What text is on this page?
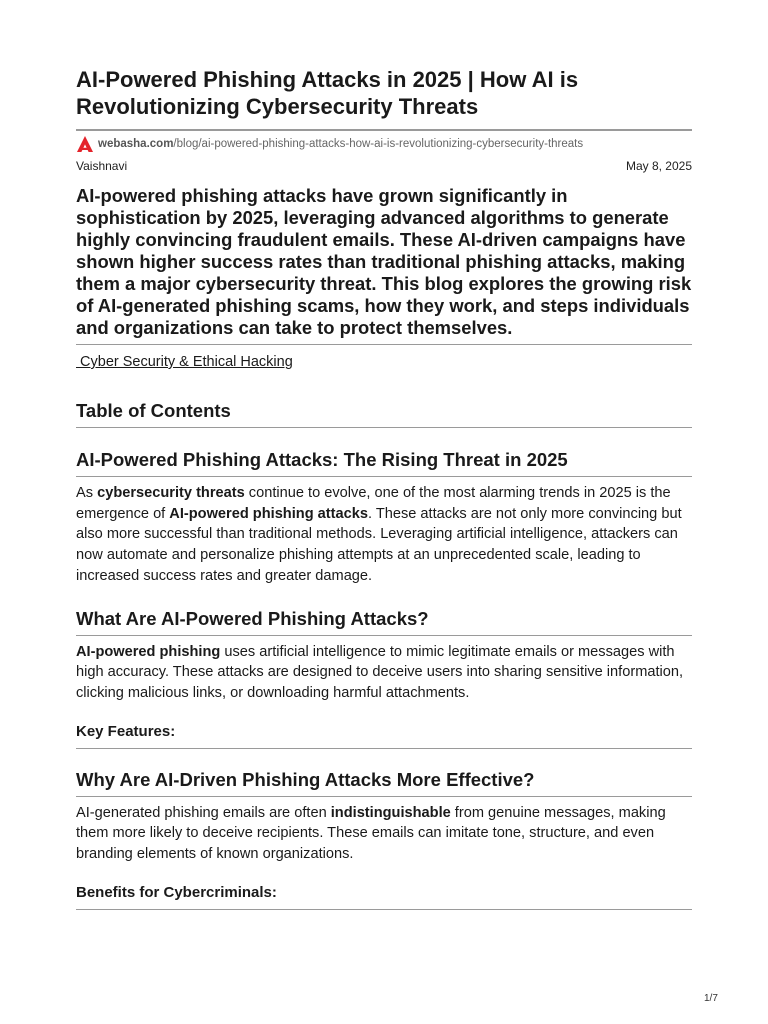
AI-Powered Phishing Attacks in 2025 | How AI is Revolutionizing Cybersecurity Threats
webasha.com/blog/ai-powered-phishing-attacks-how-ai-is-revolutionizing-cybersecurity-threats
Vaishnavi	May 8, 2025

AI-powered phishing attacks have grown significantly in sophistication by 2025, leveraging advanced algorithms to generate highly convincing fraudulent emails. These AI-driven campaigns have shown higher success rates than traditional phishing attacks, making them a major cybersecurity threat. This blog explores the growing risk of AI-generated phishing scams, how they work, and steps individuals and organizations can take to protect themselves.

Cyber Security & Ethical Hacking
Table of Contents
AI-Powered Phishing Attacks: The Rising Threat in 2025

As cybersecurity threats continue to evolve, one of the most alarming trends in 2025 is the emergence of AI-powered phishing attacks. These attacks are not only more convincing but also more successful than traditional methods. Leveraging artificial intelligence, attackers can now automate and personalize phishing attempts at an unprecedented scale, leading to increased success rates and greater damage.

What Are AI-Powered Phishing Attacks?

AI-powered phishing uses artificial intelligence to mimic legitimate emails or messages with high accuracy. These attacks are designed to deceive users into sharing sensitive information, clicking malicious links, or downloading harmful attachments.

Key Features:
Why Are AI-Driven Phishing Attacks More Effective?

AI-generated phishing emails are often indistinguishable from genuine messages, making them more likely to deceive recipients. These emails can imitate tone, structure, and even branding elements of known organizations.

Benefits for Cybercriminals:
1/7
